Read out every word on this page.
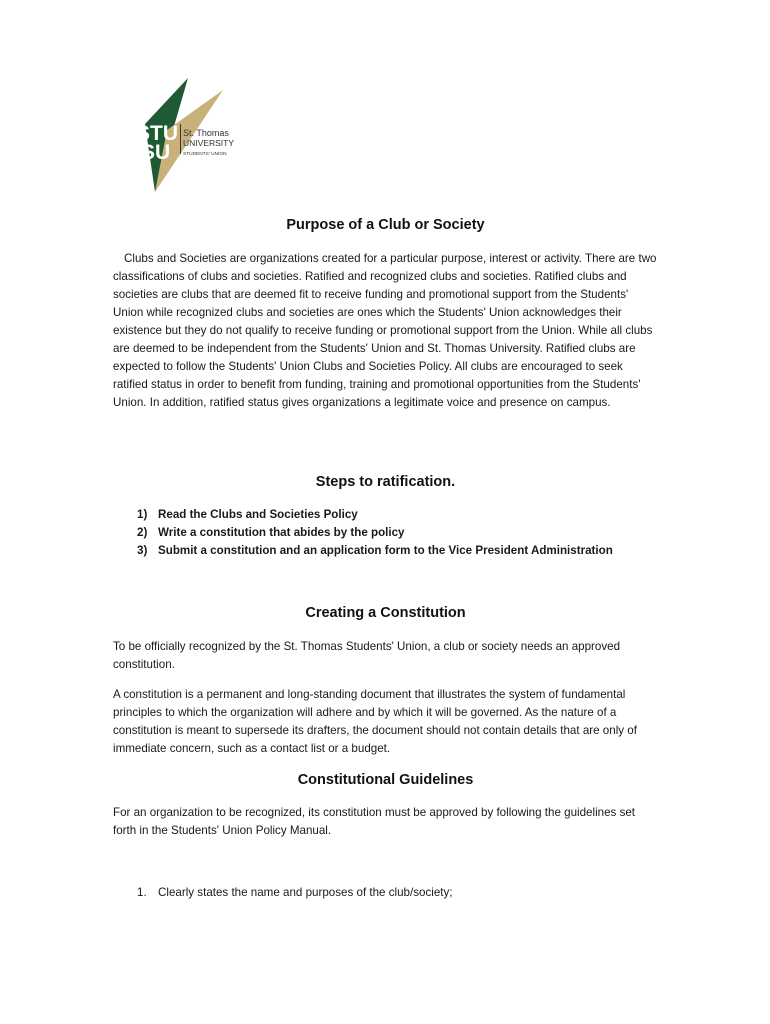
STU
SU
St. Thomas
UNIVERSITY
STUDENTS' UNION
Purpose of a Club or Society

Clubs and Societies are organizations created for a particular purpose, interest or activity. There are two classifications of clubs and societies. Ratified and recognized clubs and societies. Ratified clubs and societies are clubs that are deemed fit to receive funding and promotional support from the Students' Union while recognized clubs and societies are ones which the Students' Union acknowledges their existence but they do not qualify to receive funding or promotional support from the Union. While all clubs are deemed to be independent from the Students' Union and St. Thomas University. Ratified clubs are expected to follow the Students' Union Clubs and Societies Policy. All clubs are encouraged to seek ratified status in order to benefit from funding, training and promotional opportunities from the Students' Union. In addition, ratified status gives organizations a legitimate voice and presence on campus.

Steps to ratification.
1) Read the Clubs and Societies Policy
2) Write a constitution that abides by the policy
3) Submit a constitution and an application form to the Vice President Administration
Creating a Constitution

To be officially recognized by the St. Thomas Students' Union, a club or society needs an approved constitution.

A constitution is a permanent and long-standing document that illustrates the system of fundamental principles to which the organization will adhere and by which it will be governed. As the nature of a constitution is meant to supersede its drafters, the document should not contain details that are only of immediate concern, such as a contact list or a budget.

Constitutional Guidelines

For an organization to be recognized, its constitution must be approved by following the guidelines set forth in the Students' Union Policy Manual.

1. Clearly states the name and purposes of the club/society;
